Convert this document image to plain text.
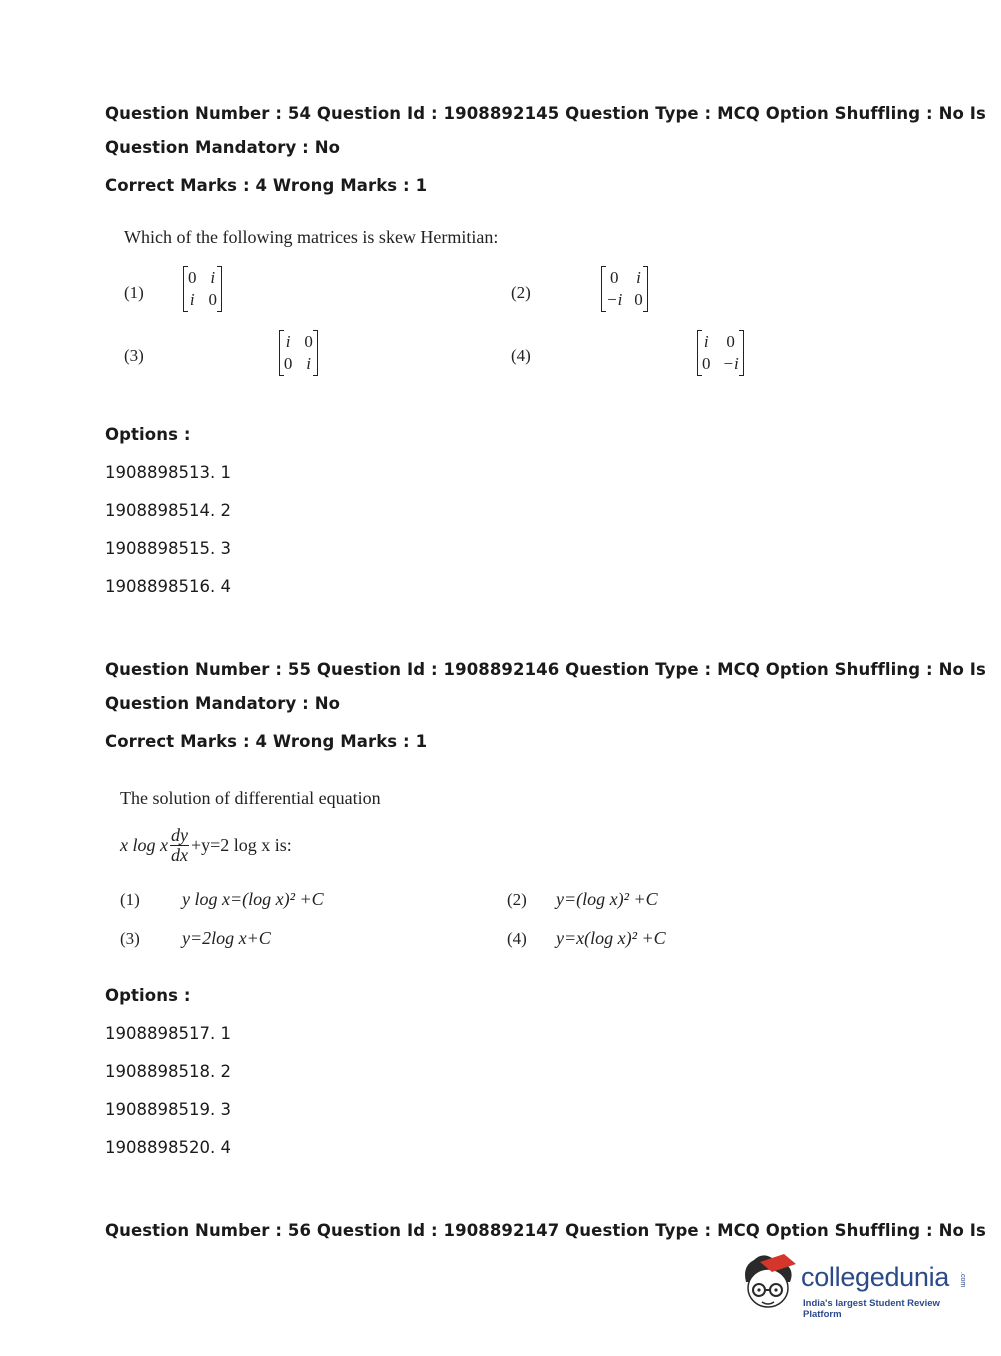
Question Number : 54 Question Id : 1908892145 Question Type : MCQ Option Shuffling : No Is
Question Mandatory : No
Correct Marks : 4 Wrong Marks : 1
Which of the following matrices is skew Hermitian:
(1)
0 i
i 0
	(2)
0 i
−i 0

(3)
i 0
0 i
	(4)
i 0
0 −i
Options :
1908898513. 1
1908898514. 2
1908898515. 3
1908898516. 4
Question Number : 55 Question Id : 1908892146 Question Type : MCQ Option Shuffling : No Is
Question Mandatory : No
Correct Marks : 4 Wrong Marks : 1
The solution of differential equation
x log x $\frac{dy}{dx} +y=2$ log x is:
(1) y log x=(log x)² +C	(2) y=(log x)² +C
(3) y=2log x+C	(4) y=x(log x)² +C
Options :
1908898517. 1
1908898518. 2
1908898519. 3
1908898520. 4
Question Number : 56 Question Id : 1908892147 Question Type : MCQ Option Shuffling : No Is
collegedunia .com
India's largest Student Review Platform
